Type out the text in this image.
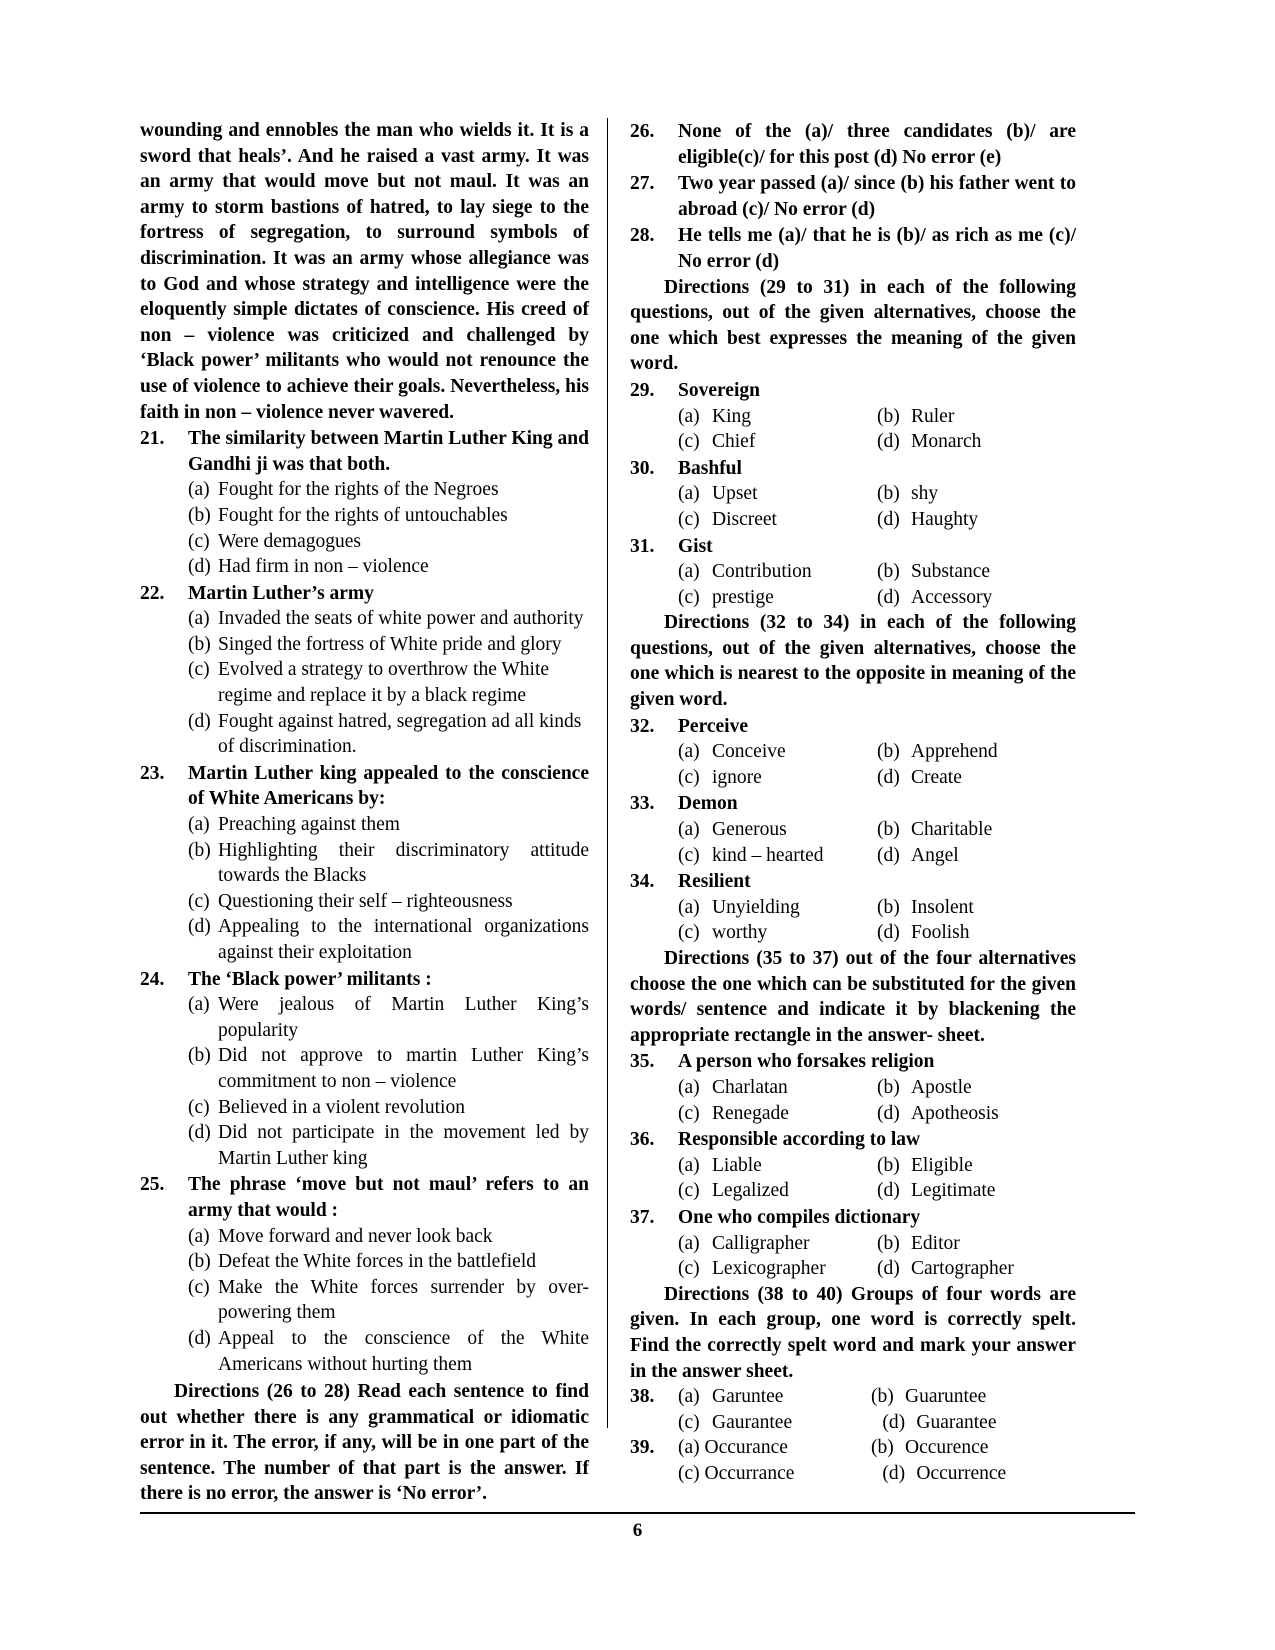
wounding and ennobles the man who wields it. It is a sword that heals’. And he raised a vast army. It was an army that would move but not maul. It was an army to storm bastions of hatred, to lay siege to the fortress of segregation, to surround symbols of discrimination. It was an army whose allegiance was to God and whose strategy and intelligence were the eloquently simple dictates of conscience. His creed of non – violence was criticized and challenged by ‘Black power’ militants who would not renounce the use of violence to achieve their goals. Nevertheless, his faith in non – violence never wavered.

21.	The similarity between Martin Luther King and Gandhi ji was that both.
(a) Fought for the rights of the Negroes
(b) Fought for the rights of untouchables
(c) Were demagogues
(d) Had firm in non – violence
22.	Martin Luther’s army
(a) Invaded the seats of white power and authority
(b) Singed the fortress of White pride and glory
(c) Evolved a strategy to overthrow the White regime and replace it by a black regime
(d) Fought against hatred, segregation ad all kinds of discrimination.
23.	Martin Luther king appealed to the conscience of White Americans by:
(a) Preaching against them
(b) Highlighting their discriminatory attitude towards the Blacks
(c) Questioning their self – righteousness
(d) Appealing to the international organizations against their exploitation
24.	The ‘Black power’ militants :
(a) Were jealous of Martin Luther King’s popularity
(b) Did not approve to martin Luther King’s commitment to non – violence
(c) Believed in a violent revolution
(d) Did not participate in the movement led by Martin Luther king
25.	The phrase ‘move but not maul’ refers to an army that would :
(a) Move forward and never look back
(b) Defeat the White forces in the battlefield
(c) Make the White forces surrender by over-powering them
(d) Appeal to the conscience of the White Americans without hurting them

Directions (26 to 28) Read each sentence to find out whether there is any grammatical or idiomatic error in it. The error, if any, will be in one part of the sentence. The number of that part is the answer. If there is no error, the answer is ‘No error’.

26.	None of the (a)/ three candidates (b)/ are eligible(c)/ for this post (d) No error (e)
27.	Two year passed (a)/ since (b) his father went to abroad (c)/ No error (d)
28.	He tells me (a)/ that he is (b)/ as rich as me (c)/ No error (d)

Directions (29 to 31) in each of the following questions, out of the given alternatives, choose the one which best expresses the meaning of the given word.

29.	Sovereign
(a) King	(b) Ruler
(c) Chief	(d) Monarch
30.	Bashful
(a) Upset	(b) shy
(c) Discreet	(d) Haughty
31.	Gist
(a) Contribution	(b) Substance
(c) prestige	(d) Accessory

Directions (32 to 34) in each of the following questions, out of the given alternatives, choose the one which is nearest to the opposite in meaning of the given word.

32.	Perceive
(a) Conceive	(b) Apprehend
(c) ignore	(d) Create
33.	Demon
(a) Generous	(b) Charitable
(c) kind – hearted	(d) Angel
34.	Resilient
(a) Unyielding	(b) Insolent
(c) worthy	(d) Foolish

Directions (35 to 37) out of the four alternatives choose the one which can be substituted for the given words/ sentence and indicate it by blackening the appropriate rectangle in the answer- sheet.

35.	A person who forsakes religion
(a) Charlatan	(b) Apostle
(c) Renegade	(d) Apotheosis
36.	Responsible according to law
(a) Liable	(b) Eligible
(c) Legalized	(d) Legitimate
37.	One who compiles dictionary
(a) Calligrapher	(b) Editor
(c) Lexicographer	(d) Cartographer

Directions (38 to 40) Groups of four words are given. In each group, one word is correctly spelt. Find the correctly spelt word and mark your answer in the answer sheet.

38.	(a) Garuntee	(b) Guaruntee
(c) Gaurantee	(d) Guarantee
39.	(a) Occurance	(b) Occurence
(c) Occurrance	(d) Occurrence
6
